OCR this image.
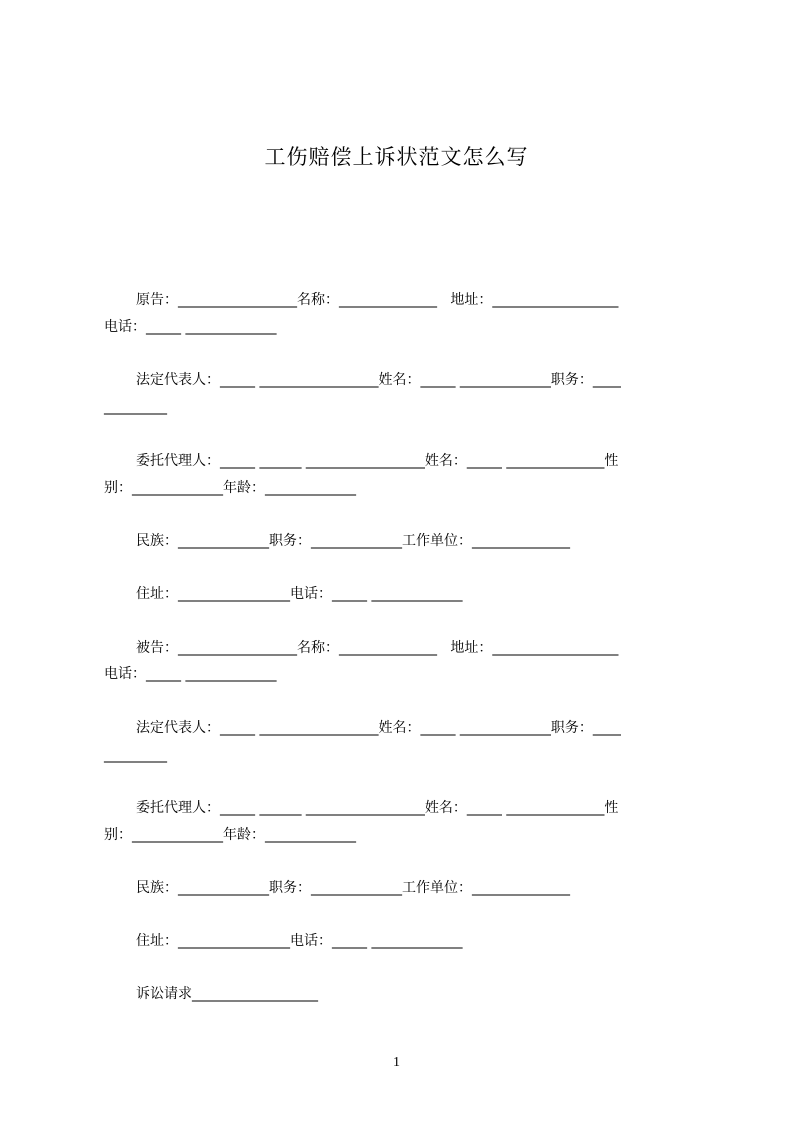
工伤赔偿上诉状范文怎么写
原告：_________________名称：______________   地址：__________________
电话：_____ _____________
法定代表人：_____ _________________姓名：_____ _____________职务：____
_________
委托代理人：_____ ______ _________________姓名：_____ ______________性
别：_____________年龄：_____________
民族：_____________职务：_____________工作单位：______________
住址：________________电话：_____ _____________
被告：_________________名称：______________   地址：__________________
电话：_____ _____________
法定代表人：_____ _________________姓名：_____ _____________职务：____
_________
委托代理人：_____ ______ _________________姓名：_____ ______________性
别：_____________年龄：_____________
民族：_____________职务：_____________工作单位：______________
住址：________________电话：_____ _____________
诉讼请求__________________
1
